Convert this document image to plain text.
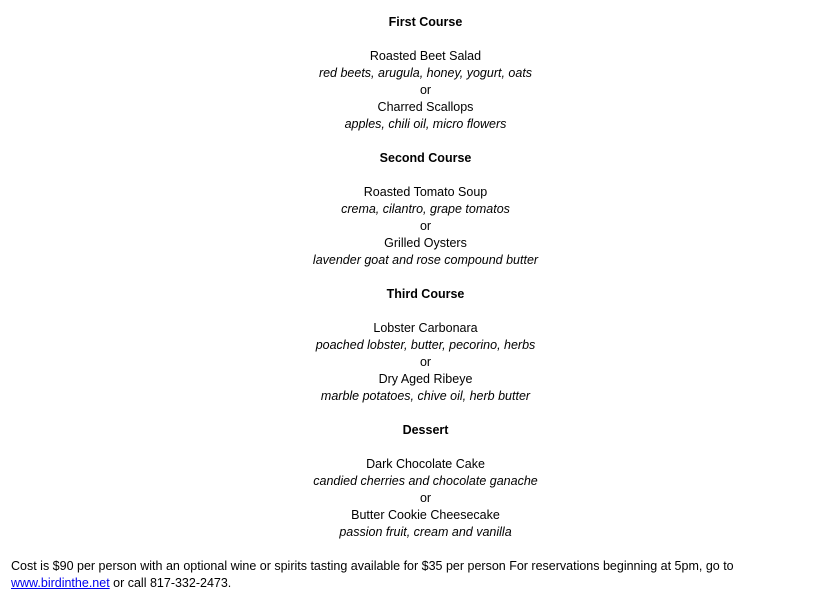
First Course
Roasted Beet Salad
red beets, arugula, honey, yogurt, oats
or
Charred Scallops
apples, chili oil, micro flowers
Second Course
Roasted Tomato Soup
crema, cilantro, grape tomatos
or
Grilled Oysters
lavender goat and rose compound butter
Third Course
Lobster Carbonara
poached lobster, butter, pecorino, herbs
or
Dry Aged Ribeye
marble potatoes, chive oil, herb butter
Dessert
Dark Chocolate Cake
candied cherries and chocolate ganache
or
Butter Cookie Cheesecake
passion fruit, cream and vanilla
Cost is $90 per person with an optional wine or spirits tasting available for $35 per person For reservations beginning at 5pm, go to www.birdinthe.net or call 817-332-2473.
